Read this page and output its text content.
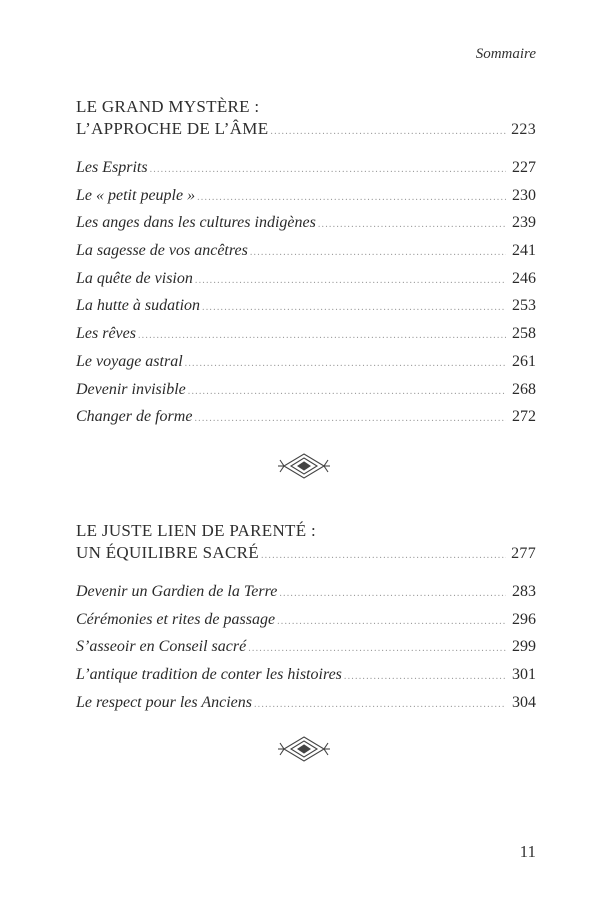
Sommaire
LE GRAND MYSTÈRE :
L’APPROCHE DE L’ÂME .....	223
Les Esprits .....	227
Le « petit peuple » .....	230
Les anges dans les cultures indigènes .....	239
La sagesse de vos ancêtres .....	241
La quête de vision .....	246
La hutte à sudation .....	253
Les rêves .....	258
Le voyage astral .....	261
Devenir invisible .....	268
Changer de forme .....	272
LE JUSTE LIEN DE PARENTÉ :
UN ÉQUILIBRE SACRÉ .....	277
Devenir un Gardien de la Terre .....	283
Cérémonies et rites de passage .....	296
S’asseoir en Conseil sacré .....	299
L’antique tradition de conter les histoires .....	301
Le respect pour les Anciens .....	304
11
